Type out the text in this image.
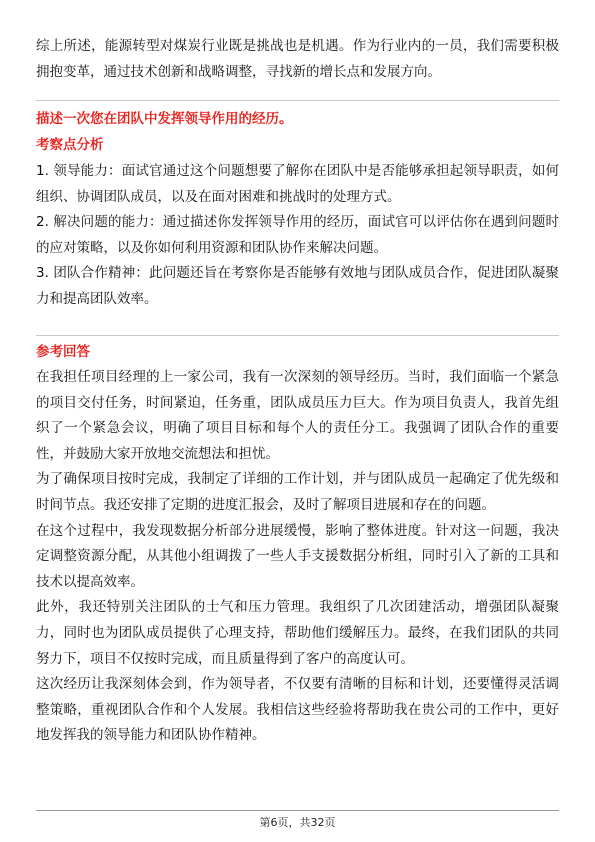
综上所述，能源转型对煤炭行业既是挑战也是机遇。作为行业内的一员，我们需要积极拥抱变革，通过技术创新和战略调整，寻找新的增长点和发展方向。

描述一次您在团队中发挥领导作用的经历。
考察点分析

1. 领导能力：面试官通过这个问题想要了解你在团队中是否能够承担起领导职责，如何组织、协调团队成员，以及在面对困难和挑战时的处理方式。

2. 解决问题的能力：通过描述你发挥领导作用的经历，面试官可以评估你在遇到问题时的应对策略，以及你如何利用资源和团队协作来解决问题。

3. 团队合作精神：此问题还旨在考察你是否能够有效地与团队成员合作，促进团队凝聚力和提高团队效率。

参考回答

在我担任项目经理的上一家公司，我有一次深刻的领导经历。当时，我们面临一个紧急的项目交付任务，时间紧迫，任务重，团队成员压力巨大。作为项目负责人，我首先组织了一个紧急会议，明确了项目目标和每个人的责任分工。我强调了团队合作的重要性，并鼓励大家开放地交流想法和担忧。

为了确保项目按时完成，我制定了详细的工作计划，并与团队成员一起确定了优先级和时间节点。我还安排了定期的进度汇报会，及时了解项目进展和存在的问题。

在这个过程中，我发现数据分析部分进展缓慢，影响了整体进度。针对这一问题，我决定调整资源分配，从其他小组调拨了一些人手支援数据分析组，同时引入了新的工具和技术以提高效率。

此外，我还特别关注团队的士气和压力管理。我组织了几次团建活动，增强团队凝聚力，同时也为团队成员提供了心理支持，帮助他们缓解压力。最终，在我们团队的共同努力下，项目不仅按时完成，而且质量得到了客户的高度认可。

这次经历让我深刻体会到，作为领导者，不仅要有清晰的目标和计划，还要懂得灵活调整策略，重视团队合作和个人发展。我相信这些经验将帮助我在贵公司的工作中，更好地发挥我的领导能力和团队协作精神。

第6页，共32页
